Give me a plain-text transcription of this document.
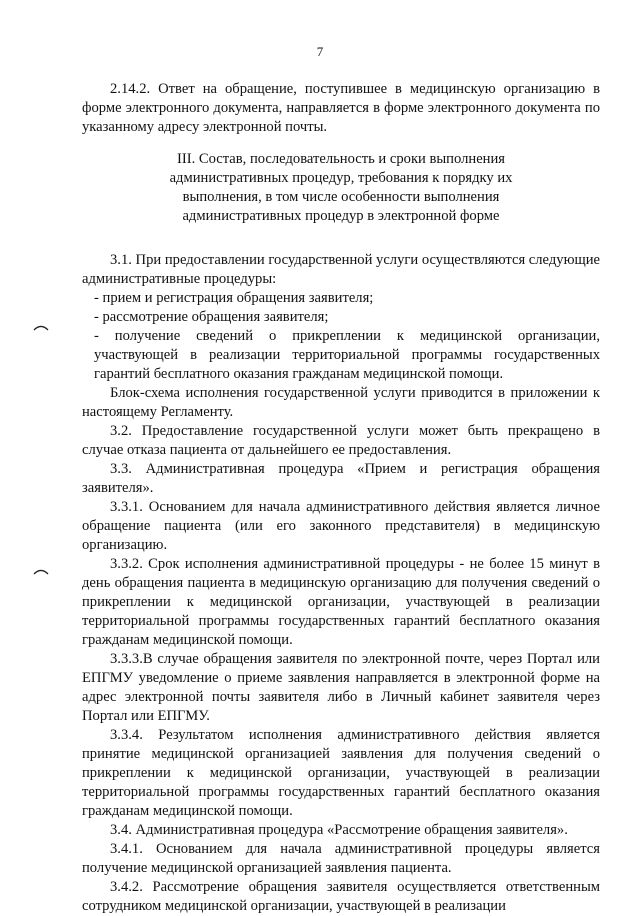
7

2.14.2. Ответ на обращение, поступившее в медицинскую организацию в форме электронного документа, направляется в форме электронного документа по указанному адресу электронной почты.

III. Состав, последовательность и сроки выполнения
административных процедур, требования к порядку их
выполнения, в том числе особенности выполнения
административных процедур в электронной форме

3.1. При предоставлении государственной услуги осуществляются следующие административные процедуры:

- прием и регистрация обращения заявителя;

- рассмотрение обращения заявителя;

- получение сведений о прикреплении к медицинской организации, участвующей в реализации территориальной программы государственных гарантий бесплатного оказания гражданам медицинской помощи.

Блок-схема исполнения государственной услуги приводится в приложении к настоящему Регламенту.

3.2. Предоставление государственной услуги может быть прекращено в случае отказа пациента от дальнейшего ее предоставления.

3.3. Административная процедура «Прием и регистрация обращения заявителя».

3.3.1. Основанием для начала административного действия является личное обращение пациента (или его законного представителя) в медицинскую организацию.

3.3.2. Срок исполнения административной процедуры - не более 15 минут в день обращения пациента в медицинскую организацию для получения сведений о прикреплении к медицинской организации, участвующей в реализации территориальной программы государственных гарантий бесплатного оказания гражданам медицинской помощи.

3.3.3.В случае обращения заявителя по электронной почте, через Портал или ЕПГМУ уведомление о приеме заявления направляется в электронной форме на адрес электронной почты заявителя либо в Личный кабинет заявителя через Портал или ЕПГМУ.

3.3.4. Результатом исполнения административного действия является принятие медицинской организацией заявления для получения сведений о прикреплении к медицинской организации, участвующей в реализации территориальной программы государственных гарантий бесплатного оказания гражданам медицинской помощи.

3.4. Административная процедура «Рассмотрение обращения заявителя».

3.4.1. Основанием для начала административной процедуры является получение медицинской организацией заявления пациента.

3.4.2. Рассмотрение обращения заявителя осуществляется ответственным сотрудником медицинской организации, участвующей в реализации
